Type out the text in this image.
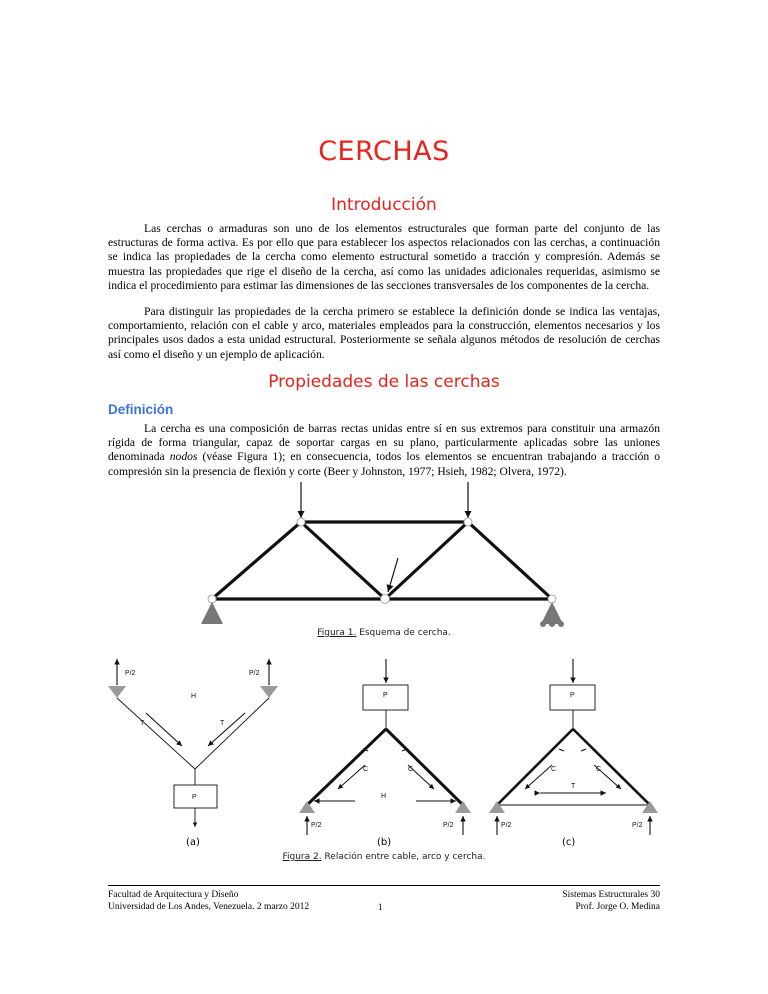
CERCHAS
Introducción

Las cerchas o armaduras son uno de los elementos estructurales que forman parte del conjunto de las estructuras de forma activa. Es por ello que para establecer los aspectos relacionados con las cerchas, a continuación se indica las propiedades de la cercha como elemento estructural sometido a tracción y compresión. Además se muestra las propiedades que rige el diseño de la cercha, así como las unidades adicionales requeridas, asimismo se indica el procedimiento para estimar las dimensiones de las secciones transversales de los componentes de la cercha.

Para distinguir las propiedades de la cercha primero se establece la definición donde se indica las ventajas, comportamiento, relación con el cable y arco, materiales empleados para la construcción, elementos necesarios y los principales usos dados a esta unidad estructural. Posteriormente se señala algunos métodos de resolución de cerchas así como el diseño y un ejemplo de aplicación.

Propiedades de las cerchas
Definición

La cercha es una composición de barras rectas unidas entre sí en sus extremos para constituir una armazón rígida de forma triangular, capaz de soportar cargas en su plano, particularmente aplicadas sobre las uniones denominada nodos (véase Figura 1); en consecuencia, todos los elementos se encuentran trabajando a tracción o compresión sin la presencia de flexión y corte (Beer y Johnston, 1977; Hsieh, 1982; Olvera, 1972).

Figura 1. Esquema de cercha.
P/2	P/2
H
T	T
P
P
C	C
H
P/2	P/2
P
C	C
T
P/2	P/2
(a)	(b)	(c)
Figura 2. Relación entre cable, arco y cercha.
Facultad de Arquitectura y Diseño
Universidad de Los Andes, Venezuela. 2 marzo 2012	1
Sistemas Estructurales 30
Prof. Jorge O. Medina
